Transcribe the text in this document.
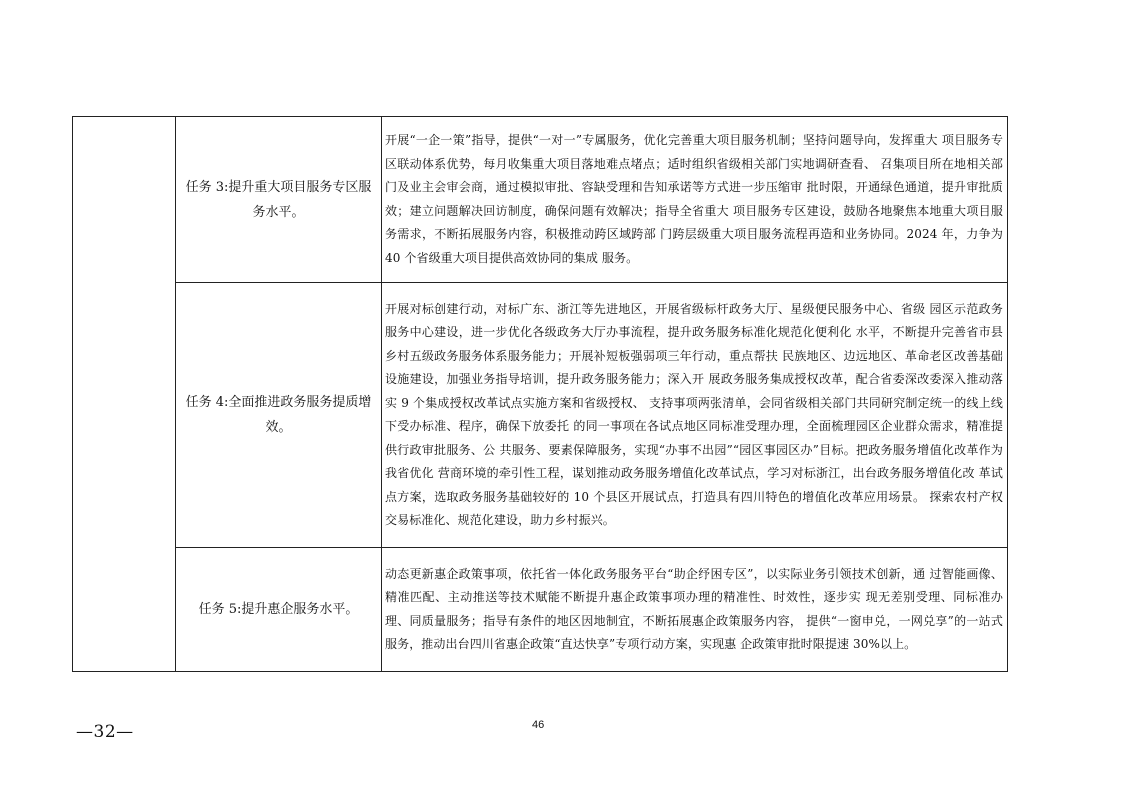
	任务 3:提升重大项目服务专区服务水平。	开展“一企一策”指导，提供“一对一”专属服务，优化完善重大项目服务机制；坚持问题导向，发挥重大 项目服务专区联动体系优势，每月收集重大项目落地难点堵点；适时组织省级相关部门实地调研查看、 召集项目所在地相关部门及业主会审会商，通过模拟审批、容缺受理和告知承诺等方式进一步压缩审 批时限，开通绿色通道，提升审批质效；建立问题解决回访制度，确保问题有效解决；指导全省重大 项目服务专区建设，鼓励各地聚焦本地重大项目服务需求，不断拓展服务内容，积极推动跨区域跨部 门跨层级重大项目服务流程再造和业务协同。2024 年，力争为 40 个省级重大项目提供高效协同的集成 服务。

	任务 4:全面推进政务服务提质增效。	开展对标创建行动，对标广东、浙江等先进地区，开展省级标杆政务大厅、星级便民服务中心、省级 园区示范政务服务中心建设，进一步优化各级政务大厅办事流程，提升政务服务标准化规范化便利化 水平，不断提升完善省市县乡村五级政务服务体系服务能力；开展补短板强弱项三年行动，重点帮扶 民族地区、边远地区、革命老区改善基础设施建设，加强业务指导培训，提升政务服务能力；深入开 展政务服务集成授权改革，配合省委深改委深入推动落实 9 个集成授权改革试点实施方案和省级授权、 支持事项两张清单，会同省级相关部门共同研究制定统一的线上线下受办标准、程序，确保下放委托 的同一事项在各试点地区同标准受理办理，全面梳理园区企业群众需求，精准提供行政审批服务、公 共服务、要素保障服务，实现“办事不出园”“园区事园区办”目标。把政务服务增值化改革作为我省优化 营商环境的牵引性工程，谋划推动政务服务增值化改革试点，学习对标浙江，出台政务服务增值化改 革试点方案，选取政务服务基础较好的 10 个县区开展试点，打造具有四川特色的增值化改革应用场景。 探索农村产权交易标准化、规范化建设，助力乡村振兴。

	任务 5:提升惠企服务水平。	动态更新惠企政策事项，依托省一体化政务服务平台“助企纾困专区”，以实际业务引领技术创新，通 过智能画像、精准匹配、主动推送等技术赋能不断提升惠企政策事项办理的精准性、时效性，逐步实 现无差别受理、同标准办理、同质量服务；指导有条件的地区因地制宜，不断拓展惠企政策服务内容， 提供“一窗申兑，一网兑享”的一站式服务，推动出台四川省惠企政策“直达快享”专项行动方案，实现惠 企政策审批时限提速 30%以上。
—32—	46
